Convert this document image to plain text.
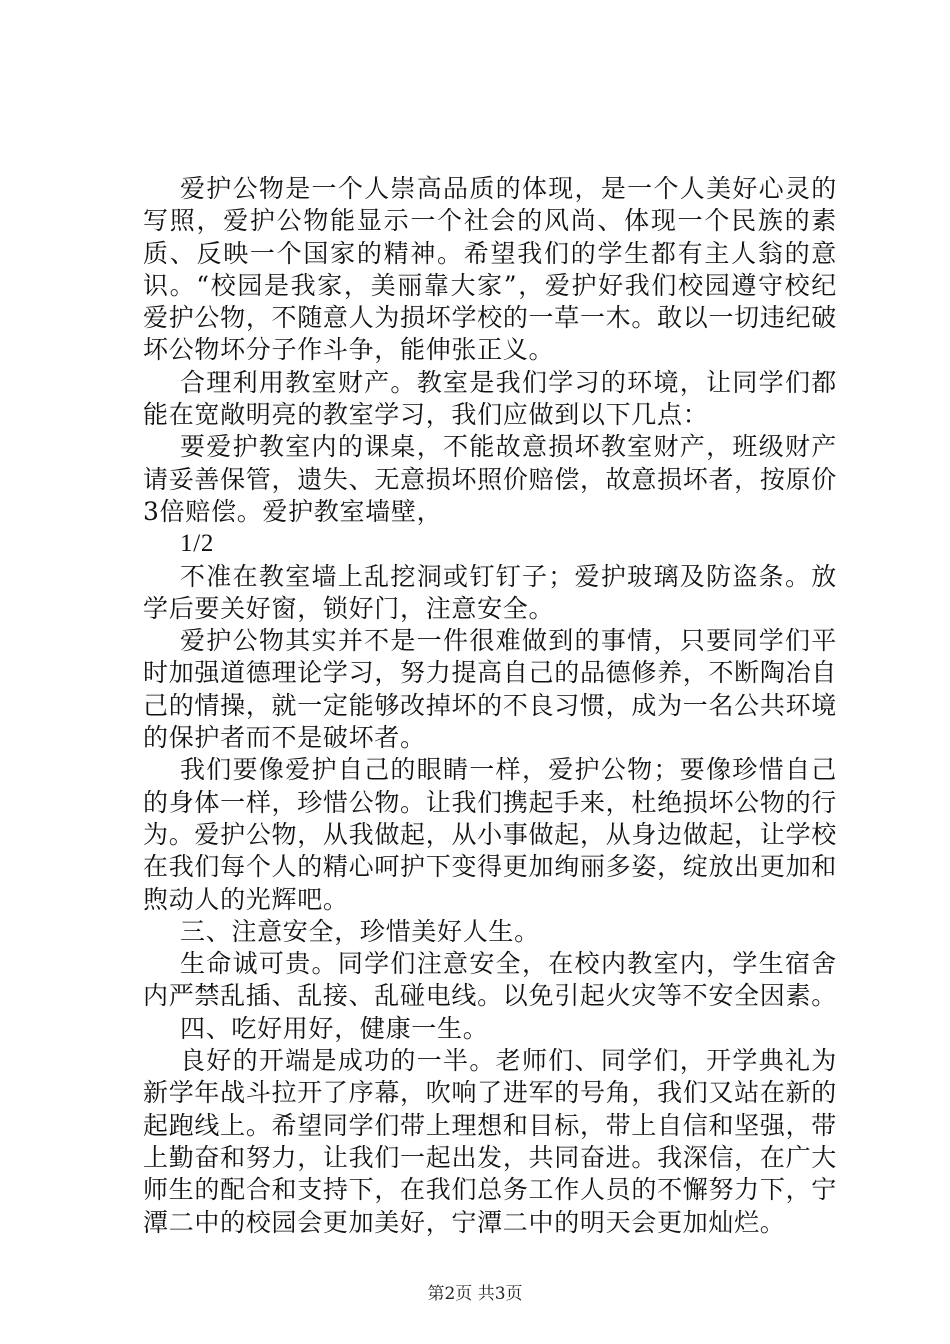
爱护公物是一个人崇高品质的体现，是一个人美好心灵的写照，爱护公物能显示一个社会的风尚、体现一个民族的素质、反映一个国家的精神。希望我们的学生都有主人翁的意识。“校园是我家，美丽靠大家”，爱护好我们校园遵守校纪爱护公物，不随意人为损坏学校的一草一木。敢以一切违纪破坏公物坏分子作斗争，能伸张正义。

合理利用教室财产。教室是我们学习的环境，让同学们都能在宽敞明亮的教室学习，我们应做到以下几点：

要爱护教室内的课桌，不能故意损坏教室财产，班级财产请妥善保管，遗失、无意损坏照价赔偿，故意损坏者，按原价3倍赔偿。爱护教室墙壁，

1/2

不准在教室墙上乱挖洞或钉钉子；爱护玻璃及防盗条。放学后要关好窗，锁好门，注意安全。

爱护公物其实并不是一件很难做到的事情，只要同学们平时加强道德理论学习，努力提高自己的品德修养，不断陶冶自己的情操，就一定能够改掉坏的不良习惯，成为一名公共环境的保护者而不是破坏者。

我们要像爱护自己的眼睛一样，爱护公物；要像珍惜自己的身体一样，珍惜公物。让我们携起手来，杜绝损坏公物的行为。爱护公物，从我做起，从小事做起，从身边做起，让学校在我们每个人的精心呵护下变得更加绚丽多姿，绽放出更加和煦动人的光辉吧。

三、注意安全，珍惜美好人生。

生命诚可贵。同学们注意安全，在校内教室内，学生宿舍内严禁乱插、乱接、乱碰电线。以免引起火灾等不安全因素。

四、吃好用好，健康一生。

良好的开端是成功的一半。老师们、同学们，开学典礼为新学年战斗拉开了序幕，吹响了进军的号角，我们又站在新的起跑线上。希望同学们带上理想和目标，带上自信和坚强，带上勤奋和努力，让我们一起出发，共同奋进。我深信，在广大师生的配合和支持下，在我们总务工作人员的不懈努力下，宁潭二中的校园会更加美好，宁潭二中的明天会更加灿烂。

第2页 共3页
